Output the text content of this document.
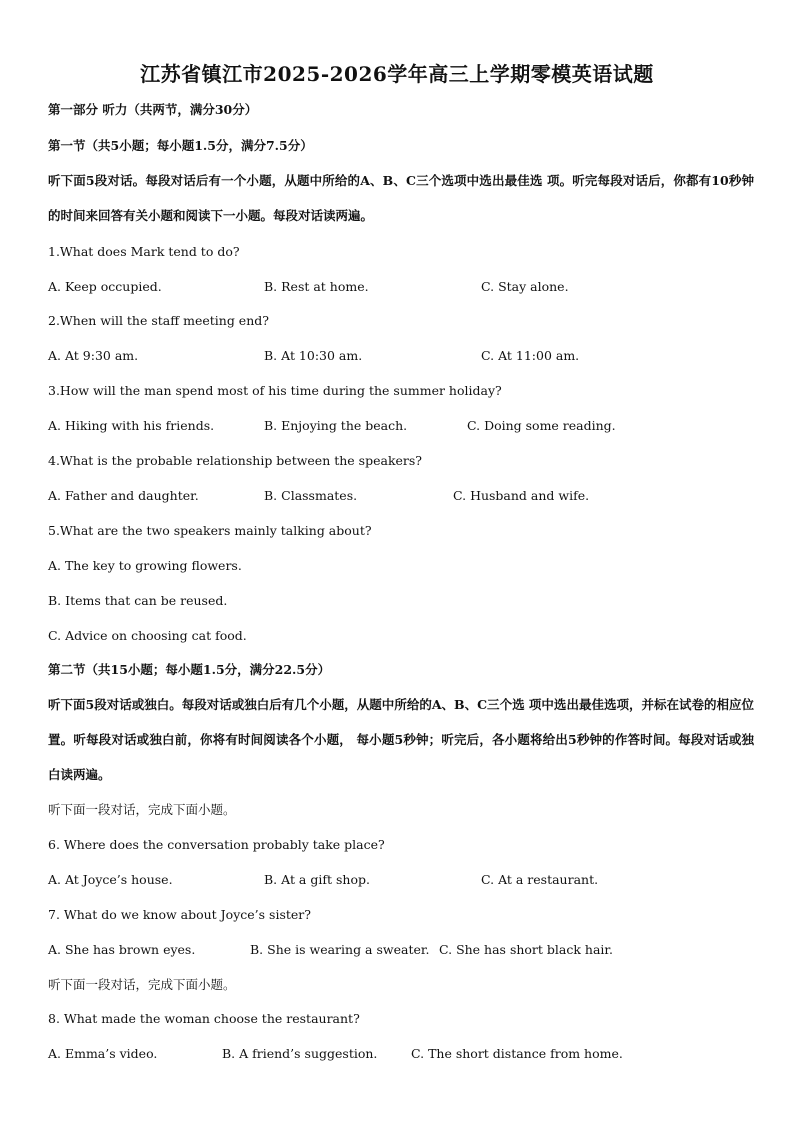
江苏省镇江市2025-2026学年高三上学期零模英语试题
第一部分 听力（共两节，满分30分）
第一节（共5小题；每小题1.5分，满分7.5分）
听下面5段对话。每段对话后有一个小题，从题中所给的A、B、C三个选项中选出最佳选 项。听完每段对话后，你都有10秒钟的时间来回答有关小题和阅读下一小题。每段对话读两遍。
1.What does Mark tend to do?
A. Keep occupied.	B. Rest at home.	C. Stay alone.
2.When will the staff meeting end?
A. At 9:30 am.	B. At 10:30 am.	C. At 11:00 am.
3.How will the man spend most of his time during the summer holiday?
A. Hiking with his friends.	B. Enjoying the beach.	C. Doing some reading.
4.What is the probable relationship between the speakers?
A. Father and daughter.	B. Classmates.	C. Husband and wife.
5.What are the two speakers mainly talking about?
A. The key to growing flowers.
B. Items that can be reused.
C. Advice on choosing cat food.
第二节（共15小题；每小题1.5分，满分22.5分）
听下面5段对话或独白。每段对话或独白后有几个小题，从题中所给的A、B、C三个选 项中选出最佳选项，并标在试卷的相应位置。听每段对话或独白前，你将有时间阅读各个小题， 每小题5秒钟；听完后，各小题将给出5秒钟的作答时间。每段对话或独白读两遍。
听下面一段对话，完成下面小题。
6. Where does the conversation probably take place?
A. At Joyce’s house.	B. At a gift shop.	C. At a restaurant.
7. What do we know about Joyce’s sister?
A. She has brown eyes.	B. She is wearing a sweater. C. She has short black hair.
听下面一段对话，完成下面小题。
8. What made the woman choose the restaurant?
A. Emma’s video.	B. A friend’s suggestion.	C. The short distance from home.
